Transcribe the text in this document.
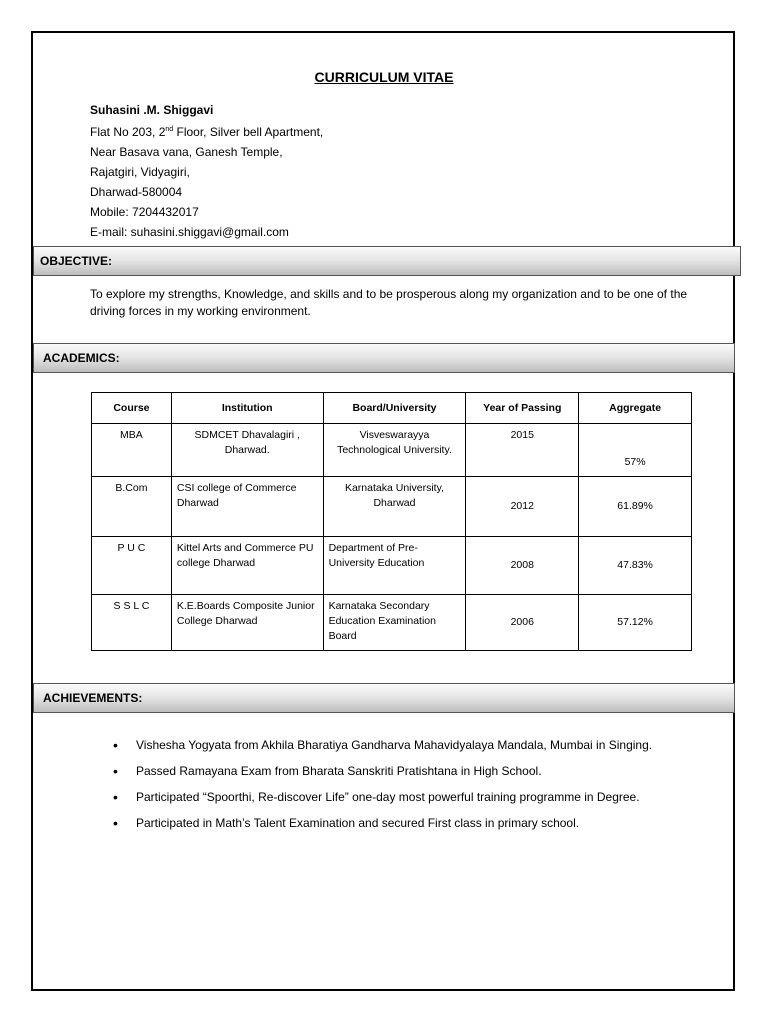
CURRICULUM VITAE
Suhasini .M. Shiggavi
Flat No 203, 2nd Floor, Silver bell Apartment,
Near Basava vana, Ganesh Temple,
Rajatgiri, Vidyagiri,
Dharwad-580004
Mobile: 7204432017
E-mail: suhasini.shiggavi@gmail.com
OBJECTIVE:
To explore my strengths, Knowledge, and skills and to be prosperous along my organization and to be one of the driving forces in my working environment.
ACADEMICS:
Course	Institution	Board/University	Year of Passing	Aggregate
MBA	SDMCET Dhavalagiri , Dharwad.	Visveswarayya Technological University.	2015	57%
B.Com	CSI college of Commerce Dharwad	Karnataka University, Dharwad	2012	61.89%
P U C	Kittel Arts and Commerce PU college Dharwad	Department of Pre-University Education	2008	47.83%
S S L C	K.E.Boards Composite Junior College Dharwad	Karnataka Secondary Education Examination Board	2006	57.12%
ACHIEVEMENTS:
• Vishesha Yogyata from Akhila Bharatiya Gandharva Mahavidyalaya Mandala, Mumbai in Singing.
• Passed Ramayana Exam from Bharata Sanskriti Pratishtana in High School.
• Participated “Spoorthi, Re-discover Life” one-day most powerful training programme in Degree.
• Participated in Math’s Talent Examination and secured First class in primary school.
